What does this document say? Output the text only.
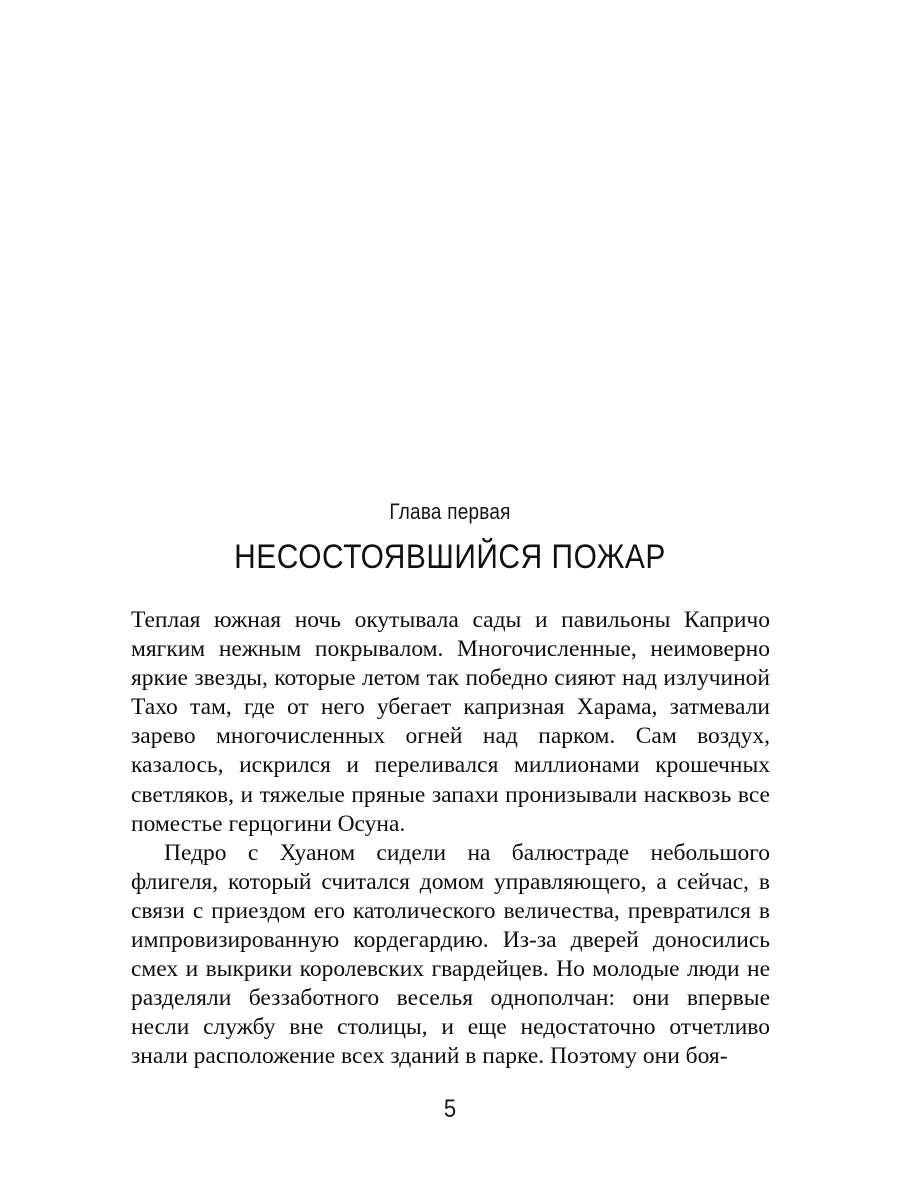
Глава первая
НЕСОСТОЯВШИЙСЯ ПОЖАР

Теплая южная ночь окутывала сады и павильоны Капричо мягким нежным покрывалом. Многочисленные, неимоверно яркие звезды, которые летом так победно сияют над излучиной Тахо там, где от него убегает капризная Харама, затмевали зарево многочисленных огней над парком. Сам воздух, казалось, искрился и переливался миллионами крошечных светляков, и тяжелые пряные запахи пронизывали насквозь все поместье герцогини Осуна.

Педро с Хуаном сидели на балюстраде небольшого флигеля, который считался домом управляющего, а сейчас, в связи с приездом его католического величества, превратился в импровизированную кордегардию. Из-за дверей доносились смех и выкрики королевских гвардейцев. Но молодые люди не разделяли беззаботного веселья однополчан: они впервые несли службу вне столицы, и еще недостаточно отчетливо знали расположение всех зданий в парке. Поэтому они боя-

5
